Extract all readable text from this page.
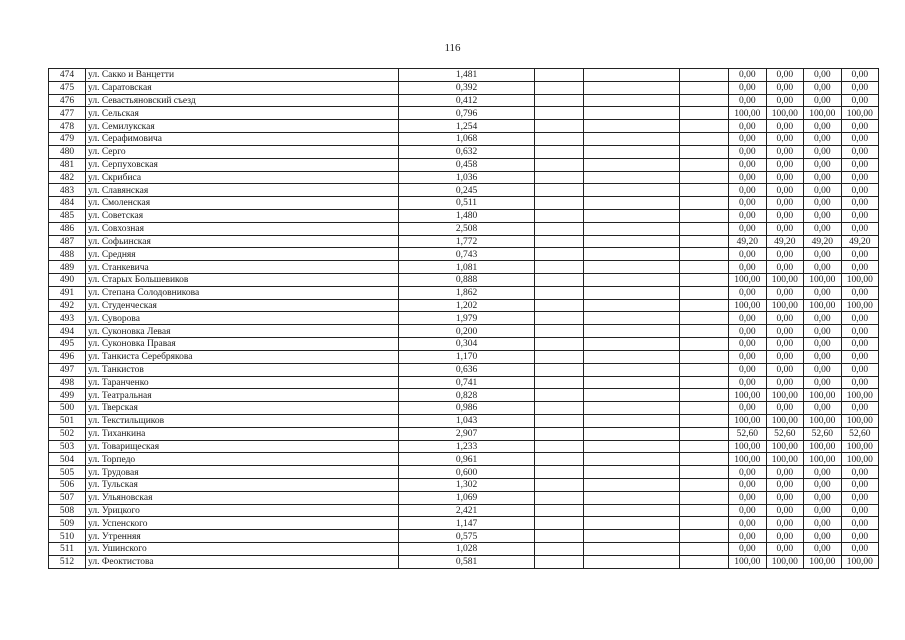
116
474	ул. Сакко и Ванцетти	1,481				0,00	0,00	0,00	0,00
475	ул. Саратовская	0,392				0,00	0,00	0,00	0,00
476	ул. Севастьяновский съезд	0,412				0,00	0,00	0,00	0,00
477	ул. Сельская	0,796				100,00	100,00	100,00	100,00
478	ул. Семилукская	1,254				0,00	0,00	0,00	0,00
479	ул. Серафимовича	1,068				0,00	0,00	0,00	0,00
480	ул. Серго	0,632				0,00	0,00	0,00	0,00
481	ул. Серпуховская	0,458				0,00	0,00	0,00	0,00
482	ул. Скрибиса	1,036				0,00	0,00	0,00	0,00
483	ул. Славянская	0,245				0,00	0,00	0,00	0,00
484	ул. Смоленская	0,511				0,00	0,00	0,00	0,00
485	ул. Советская	1,480				0,00	0,00	0,00	0,00
486	ул. Совхозная	2,508				0,00	0,00	0,00	0,00
487	ул. Софьинская	1,772				49,20	49,20	49,20	49,20
488	ул. Средняя	0,743				0,00	0,00	0,00	0,00
489	ул. Станкевича	1,081				0,00	0,00	0,00	0,00
490	ул. Старых Большевиков	0,888				100,00	100,00	100,00	100,00
491	ул. Степана Солодовникова	1,862				0,00	0,00	0,00	0,00
492	ул. Студенческая	1,202				100,00	100,00	100,00	100,00
493	ул. Суворова	1,979				0,00	0,00	0,00	0,00
494	ул. Суконовка Левая	0,200				0,00	0,00	0,00	0,00
495	ул. Суконовка Правая	0,304				0,00	0,00	0,00	0,00
496	ул. Танкиста Серебрякова	1,170				0,00	0,00	0,00	0,00
497	ул. Танкистов	0,636				0,00	0,00	0,00	0,00
498	ул. Таранченко	0,741				0,00	0,00	0,00	0,00
499	ул. Театральная	0,828				100,00	100,00	100,00	100,00
500	ул. Тверская	0,986				0,00	0,00	0,00	0,00
501	ул. Текстильщиков	1,043				100,00	100,00	100,00	100,00
502	ул. Тиханкина	2,907				52,60	52,60	52,60	52,60
503	ул. Товарищеская	1,233				100,00	100,00	100,00	100,00
504	ул. Торпедо	0,961				100,00	100,00	100,00	100,00
505	ул. Трудовая	0,600				0,00	0,00	0,00	0,00
506	ул. Тульская	1,302				0,00	0,00	0,00	0,00
507	ул. Ульяновская	1,069				0,00	0,00	0,00	0,00
508	ул. Урицкого	2,421				0,00	0,00	0,00	0,00
509	ул. Успенского	1,147				0,00	0,00	0,00	0,00
510	ул. Утренняя	0,575				0,00	0,00	0,00	0,00
511	ул. Ушинского	1,028				0,00	0,00	0,00	0,00
512	ул. Феоктистова	0,581				100,00	100,00	100,00	100,00
